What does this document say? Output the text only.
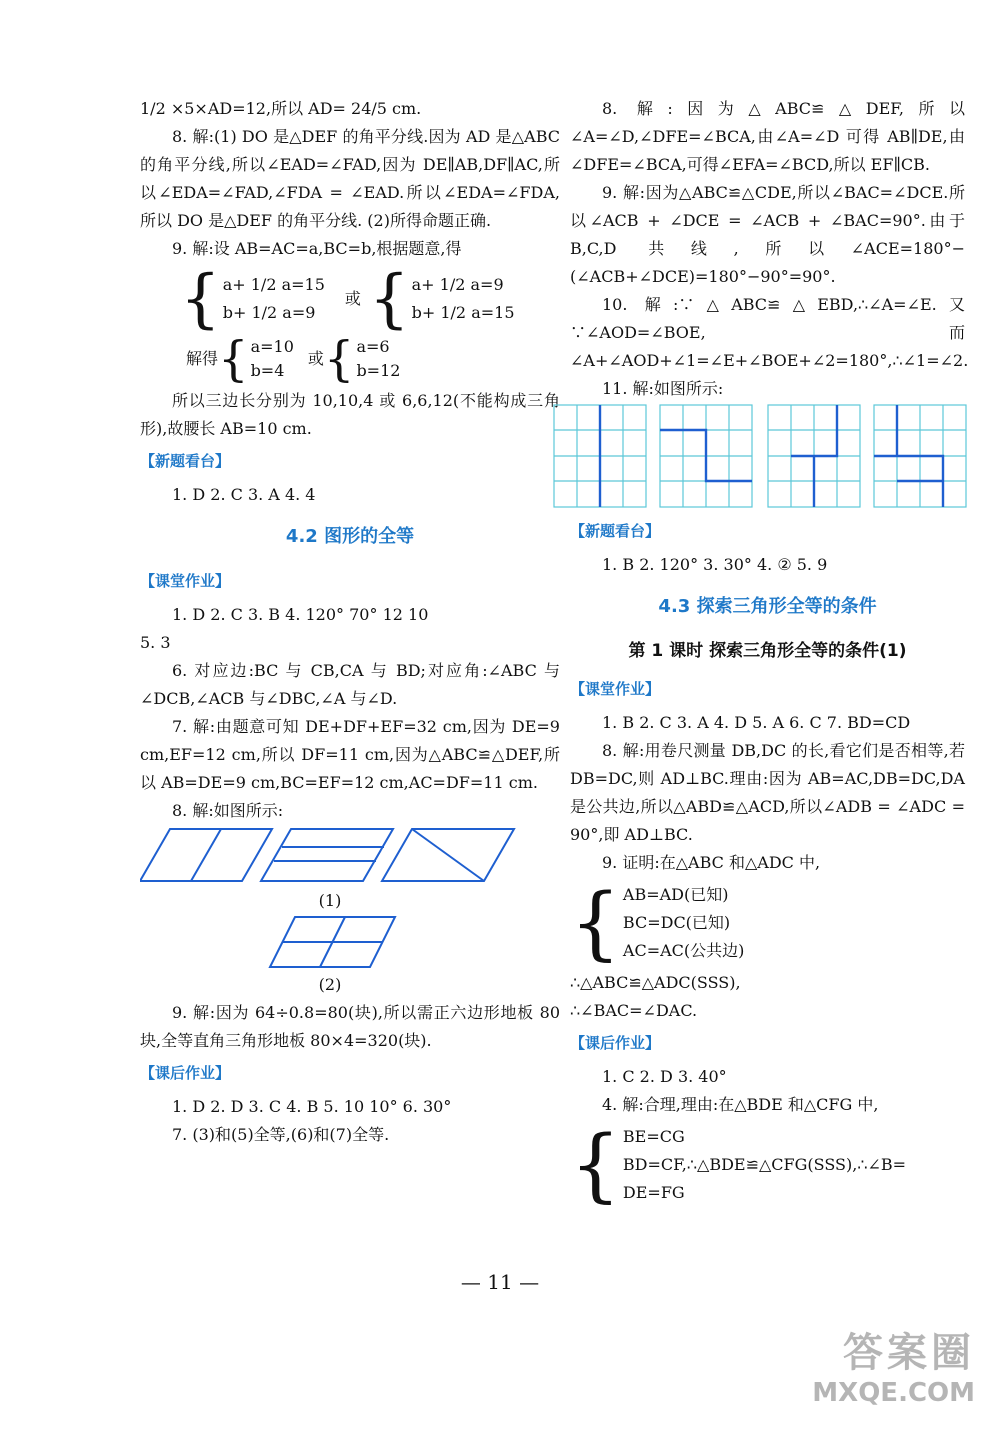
1/2 ×5×AD=12,所以 AD= 24/5 cm.

8. 解:(1) DO 是△DEF 的角平分线.因为 AD 是△ABC 的角平分线,所以∠EAD=∠FAD,因为 DE∥AB,DF∥AC,所以∠EDA=∠FAD,∠FDA = ∠EAD.所以∠EDA=∠FDA,所以 DO 是△DEF 的角平分线. (2)所得命题正确.

9. 解:设 AB=AC=a,BC=b,根据题意,得

{ a+ 1/2 a=15
b+ 1/2 a=9
或 { a+ 1/2 a=9
b+ 1/2 a=15
解得 { a=10
b=4
或 { a=6
b=12

所以三边长分别为 10,10,4 或 6,6,12(不能构成三角形),故腰长 AB=10 cm.

【新题看台】

1. D 2. C 3. A 4. 4

4.2 图形的全等
【课堂作业】

1. D 2. C 3. B 4. 120° 70° 12 10

5. 3

6. 对应边:BC 与 CB,CA 与 BD;对应角:∠ABC 与∠DCB,∠ACB 与∠DBC,∠A 与∠D.

7. 解:由题意可知 DE+DF+EF=32 cm,因为 DE=9 cm,EF=12 cm,所以 DF=11 cm,因为△ABC≌△DEF,所以 AB=DE=9 cm,BC=EF=12 cm,AC=DF=11 cm.

8. 解:如图所示:

(1)
(2)

9. 解:因为 64÷0.8=80(块),所以需正六边形地板 80 块,全等直角三角形地板 80×4=320(块).

【课后作业】

1. D 2. D 3. C 4. B 5. 10 10° 6. 30°

7. (3)和(5)全等,(6)和(7)全等.

8. 解:因为△ABC≌△DEF,所以∠A=∠D,∠DFE=∠BCA,由∠A=∠D 可得 AB∥DE,由∠DFE=∠BCA,可得∠EFA=∠BCD,所以 EF∥CB.

9. 解:因为△ABC≌△CDE,所以∠BAC=∠DCE.所以∠ACB + ∠DCE = ∠ACB + ∠BAC=90°.由于 B,C,D 共线,所以∠ACE=180°−(∠ACB+∠DCE)=180°−90°=90°.

10. 解:∵△ABC≌△EBD,∴∠A=∠E.又∵∠AOD=∠BOE,而∠A+∠AOD+∠1=∠E+∠BOE+∠2=180°,∴∠1=∠2.

11. 解:如图所示:

【新题看台】

1. B 2. 120° 3. 30° 4. ② 5. 9

4.3 探索三角形全等的条件
第 1 课时 探索三角形全等的条件(1)
【课堂作业】

1. B 2. C 3. A 4. D 5. A 6. C 7. BD=CD

8. 解:用卷尺测量 DB,DC 的长,看它们是否相等,若 DB=DC,则 AD⊥BC.理由:因为 AB=AC,DB=DC,DA 是公共边,所以△ABD≌△ACD,所以∠ADB = ∠ADC = 90°,即 AD⊥BC.

9. 证明:在△ABC 和△ADC 中,

{ AB=AD(已知)
BC=DC(已知)
AC=AC(公共边)

∴△ABC≌△ADC(SSS),

∴∠BAC=∠DAC.

【课后作业】

1. C 2. D 3. 40°

4. 解:合理,理由:在△BDE 和△CFG 中,

{ BE=CG
BD=CF,∴△BDE≌△CFG(SSS),∴∠B=
DE=FG
— 11 —
答案圈
MXQE.COM
